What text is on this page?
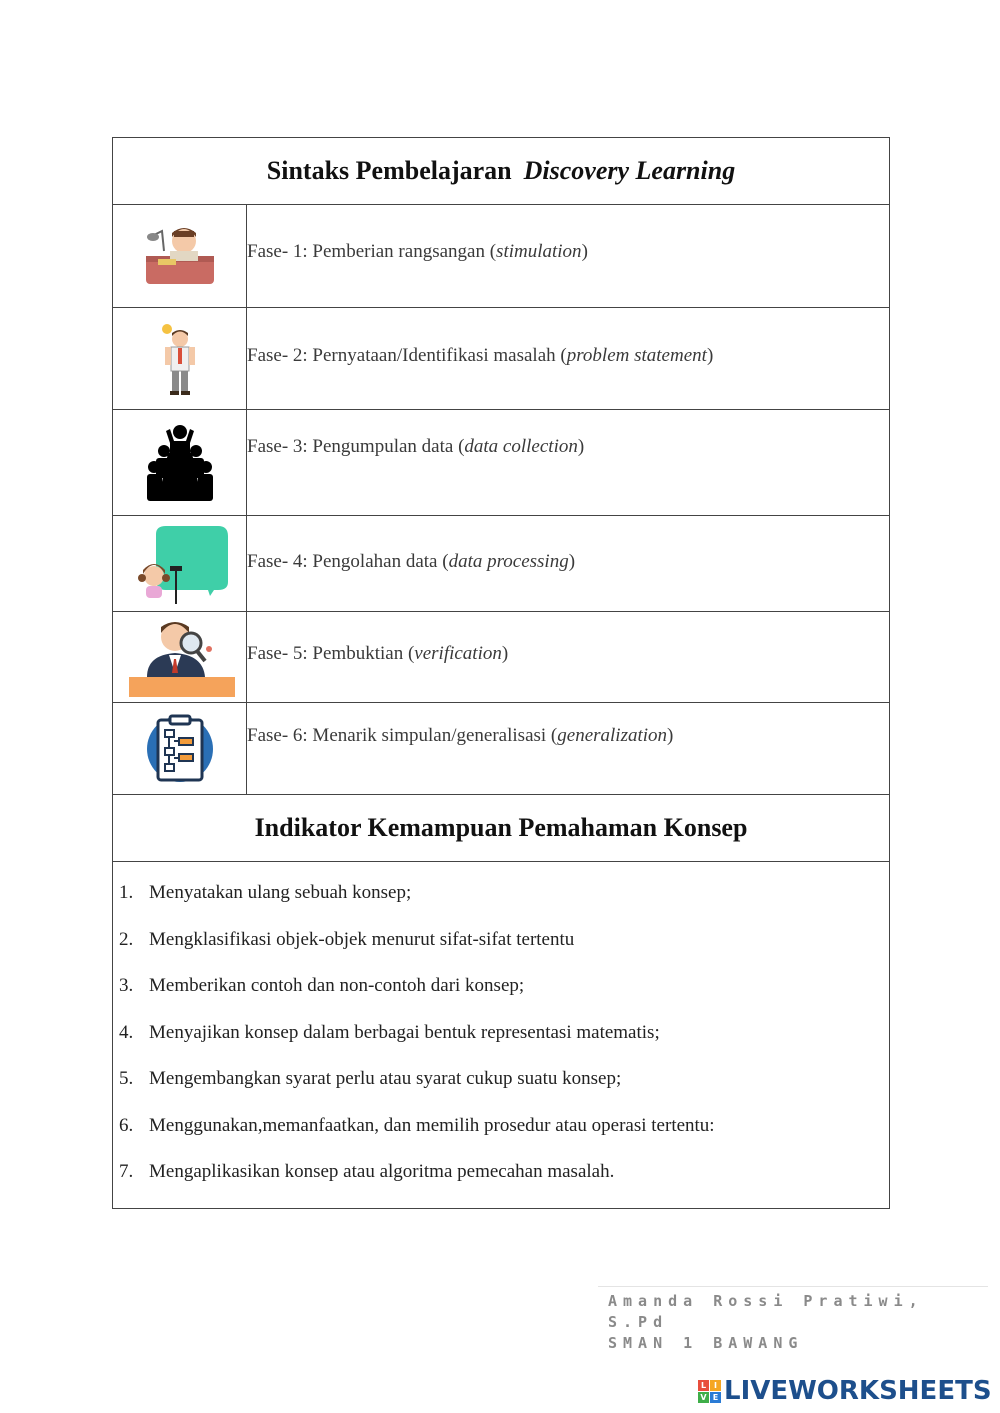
Sintaks Pembelajaran Discovery Learning
Fase- 1: Pemberian rangsangan (stimulation)
Fase- 2: Pernyataan/Identifikasi masalah (problem statement)
Fase- 3: Pengumpulan data (data collection)
Fase- 4: Pengolahan data (data processing)
Fase- 5: Pembuktian (verification)
Fase- 6: Menarik simpulan/generalisasi (generalization)
Indikator Kemampuan Pemahaman Konsep
1. Menyatakan ulang sebuah konsep;
2. Mengklasifikasi objek-objek menurut sifat-sifat tertentu
3. Memberikan contoh dan non-contoh dari konsep;
4. Menyajikan konsep dalam berbagai bentuk representasi matematis;
5. Mengembangkan syarat perlu atau syarat cukup suatu konsep;
6. Menggunakan,memanfaatkan, dan memilih prosedur atau operasi tertentu:
7. Mengaplikasikan konsep atau algoritma pemecahan masalah.
Amanda Rossi Pratiwi, S.Pd
SMAN 1 BAWANG
L I
V E LIVEWORKSHEETS
